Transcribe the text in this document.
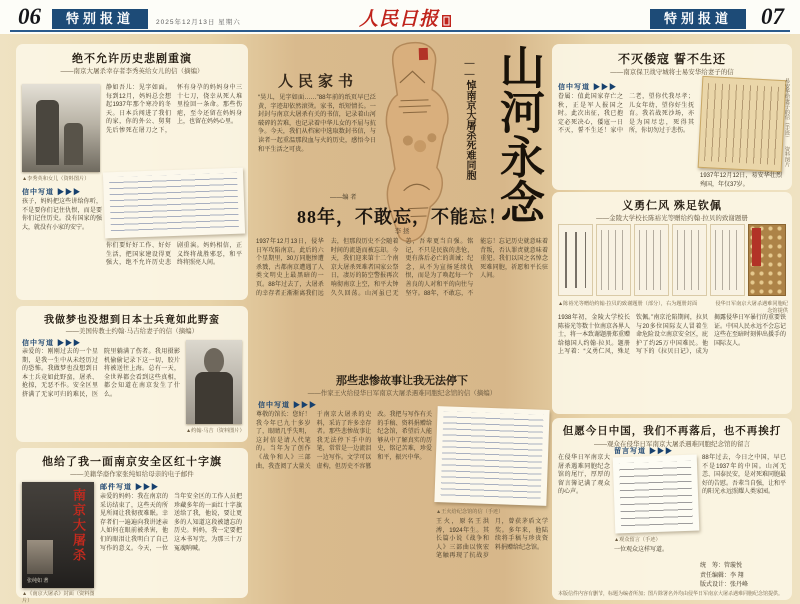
06	特别报道	2025年12月13日 星期六	人民日报	特别报道	07
绝不允许历史悲剧重演
——南京大屠杀幸存者李秀英给女儿的信（摘编）
▲李秀英和女儿（资料图片）
信中写道 ▶▶▶
孩子，妈妈把这些讲给你听，不是要你们记住仇恨，而是要你们记住历史。没有国家的强大，就没有小家的安宁。
静如吾儿：见字如面。每到12月，妈妈总会想起1937年那个寒冷的冬天。日本兵闯进了我们的家，你的外公、舅舅先后惨死在屠刀之下，怀有身孕的妈妈身中三十七刀，侥幸从死人堆里捡回一条命。那些伤疤，至今还留在妈妈身上，也留在妈妈心里。
你们要好好工作、好好生活，把国家建设得更强大，绝不允许历史悲剧重演。妈妈相信，正义终将战胜邪恶，和平终将照亮人间。
我做梦也没想到日本士兵竟如此野蛮
——美国传教士约翰·马吉给妻子的信（摘编）
信中写道 ▶▶▶
亲爱的：刚刚过去的一个星期，是我一生中从未经历过的恐怖。我做梦也没想到日本士兵竟如此野蛮，屠杀、抢掠，无恶不作。安全区里挤满了无家可归的难民，医院里躺满了伤者。我用摄影机偷偷记录下这一切，胶片将被送往上海。总有一天，全世界都会看到这些真相，都会知道在南京发生了什么。
▲约翰·马吉（资料图片）
他给了我一面南京安全区红十字旗
——美籍华裔作家张纯如给母亲的电子邮件
南京大屠杀
张纯如 著
▲《南京大屠杀》封面（资料图片）
邮件写道 ▶▶▶
亲爱的妈妈：我在南京的采访结束了，这些天的所见所闻让我彻夜难眠。幸存者们一遍遍向我讲述亲人如何在眼前被杀害，他们的眼泪让我明白了自己写作的意义。今天，一位当年安全区的工作人员把珍藏多年的一面红十字旗送给了我，他说，要让更多的人知道这段被遗忘的历史。妈妈，我一定要把这本书写完，为那三十万冤魂呐喊。
人民家书
“昊儿，见字如面……”88年前的纸页早已泛黄，字迹却依然滚烫。家书，纸短情长。一封封与南京大屠杀有关的书信，记录着山河破碎的苦难，也记录着中华儿女的不屈与抗争。今天，我们从档案中选取数封书信，与读者一起重温那段血与火的历史，感悟今日和平生活之可贵。
——编 者
——悼南京大屠杀死难同胞 山河永念
88年，不敢忘，不能忘！
李 拯
1937年12月13日，侵华日军攻陷南京。此后的六个星期里，30万同胞惨遭杀戮，古都南京遭遇了人类文明史上最黑暗的一页。88年过去了，大屠杀的幸存者正渐渐离我们远去，但那段历史不会随着时间的流逝而被忘却。今天，我们迎来第十二个南京大屠杀死难者国家公祭日，凄厉的防空警报再次响彻南京上空，和平大钟久久回荡。山河虽已无恙，吾辈更当自强。铭记，不只是民族的悲怆，更有落后必亡的训诫；纪念，从不为宣扬延续仇恨，而是为了唤起每一个善良的人对和平的向往与坚守。88年，不敢忘，不能忘！忘记历史就意味着背叛，否认罪责就意味着重犯。我们以国之名悼念死难同胞，祈愿和平长驻人间。
那些悲惨故事让我无法停下
——作家王火给侵华日军南京大屠杀遇难同胞纪念馆的信（摘编）
信中写道 ▶▶▶
尊敬的馆长：您好！我今年已九十多岁了，眼睛几乎失明，这封信是请人代笔的。当年为了创作《战争和人》三部曲，我查阅了大量关于南京大屠杀的史料，采访了许多幸存者。那些悲惨故事让我无法停下手中的笔，常常是一边流泪一边写作。文学可以虚构，但历史不容篡改。我把与写作有关的手稿、资料捐赠给纪念馆，希望后人能够从中了解真实的历史，铭记苦难，珍爱和平，振兴中华。
▲王火给纪念馆的信（手迹）
王火，原名王洪溥，1924年生。其长篇小说《战争和人》三部曲以恢宏笔触再现了抗战岁月，曾获茅盾文学奖。多年来，他陆续将手稿与珍贵资料捐赠给纪念馆。
不灭倭寇 誓不生还
——南京保卫战守城将士易安华给妻子的信
信中写道 ▶▶▶
眷属：值此国家存亡之秋，正是军人报国之时。此次出征，我已抱定必死决心，倭寇一日不灭，誓不生还！家中二老，望你代我尽孝；儿女年幼，望你好生抚育。我若战死沙场，亦是为国尽忠，死得其所，你切勿过于悲伤。	易安华给妻子的信（手迹） 资料图片
1937年12月12日，易安华壮烈殉国，年仅37岁。
义勇仁风 殊足钦佩
——金陵大学校长陈裕光等赠给约翰·拉贝的致谢题册
▲陈裕光等赠给约翰·拉贝的致谢题册（部分），右为题册封面	侵华日军南京大屠杀遇难同胞纪念馆提供
1938年初，金陵大学校长陈裕光等数十位南京各界人士，将一本致谢题册郑重赠给德国人约翰·拉贝。题册上写着：“义勇仁风，殊足钦佩。”南京沦陷期间，拉贝与20多位国际友人冒着生命危险设立南京安全区，庇护了约25万中国难民。他写下的《拉贝日记》，成为揭露侵华日军暴行的重要铁证。中国人民永远不会忘记这些在至暗时刻伸出援手的国际友人。
但愿今日中国，我们不再落后，也不再挨打
——观众在侵华日军南京大屠杀遇难同胞纪念馆的留言
在侵华日军南京大屠杀遇难同胞纪念馆的尾厅，厚厚的留言簿记满了观众的心声。
留言写道 ▶▶▶
▲观众留言（手迹）
一位观众这样写道。
88年过去，今日之中国，早已不是1937年的中国。山河无恙、国泰民安，是对死难同胞最好的告慰。吾辈当自强，让和平的阳光永远照耀人类家园。
统　筹：管璇悦
责任编辑：李 翔
版式设计：张丹峰
本版信件内容有删节，标题为编者所加；图片除署名外均由侵华日军南京大屠杀遇难同胞纪念馆提供。
